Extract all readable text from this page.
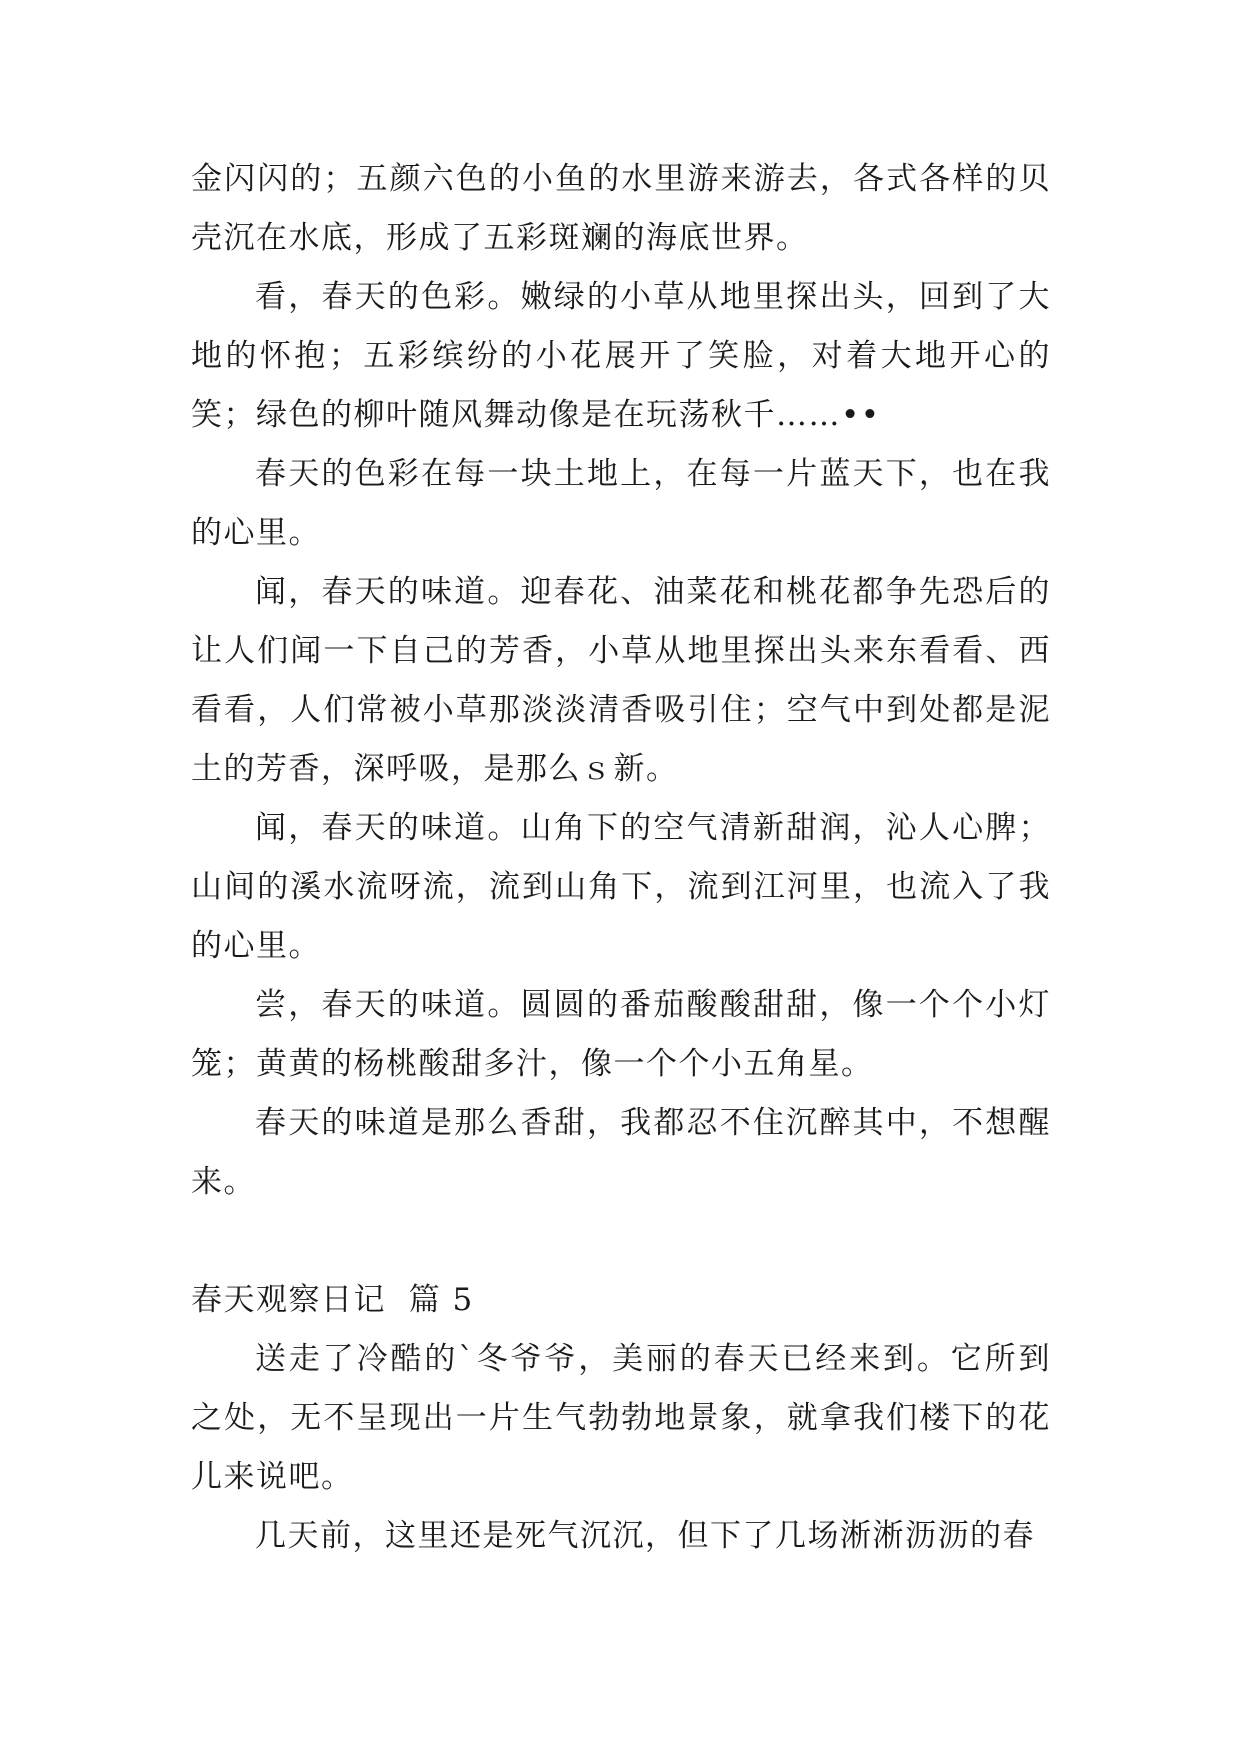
金闪闪的；五颜六色的小鱼的水里游来游去，各式各样的贝壳沉在水底，形成了五彩斑斓的海底世界。

看，春天的色彩。嫩绿的小草从地里探出头，回到了大地的怀抱；五彩缤纷的小花展开了笑脸，对着大地开心的笑；绿色的柳叶随风舞动像是在玩荡秋千……••

春天的色彩在每一块土地上，在每一片蓝天下，也在我的心里。

闻，春天的味道。迎春花、油菜花和桃花都争先恐后的让人们闻一下自己的芳香，小草从地里探出头来东看看、西看看，人们常被小草那淡淡清香吸引住；空气中到处都是泥土的芳香，深呼吸，是那么ｓ新。

闻，春天的味道。山角下的空气清新甜润，沁人心脾；山间的溪水流呀流，流到山角下，流到江河里，也流入了我的心里。

尝，春天的味道。圆圆的番茄酸酸甜甜，像一个个小灯笼；黄黄的杨桃酸甜多汁，像一个个小五角星。

春天的味道是那么香甜，我都忍不住沉醉其中，不想醒来。

春天观察日记  篇 5

送走了冷酷的`冬爷爷，美丽的春天已经来到。它所到之处，无不呈现出一片生气勃勃地景象，就拿我们楼下的花儿来说吧。

几天前，这里还是死气沉沉，但下了几场淅淅沥沥的春
